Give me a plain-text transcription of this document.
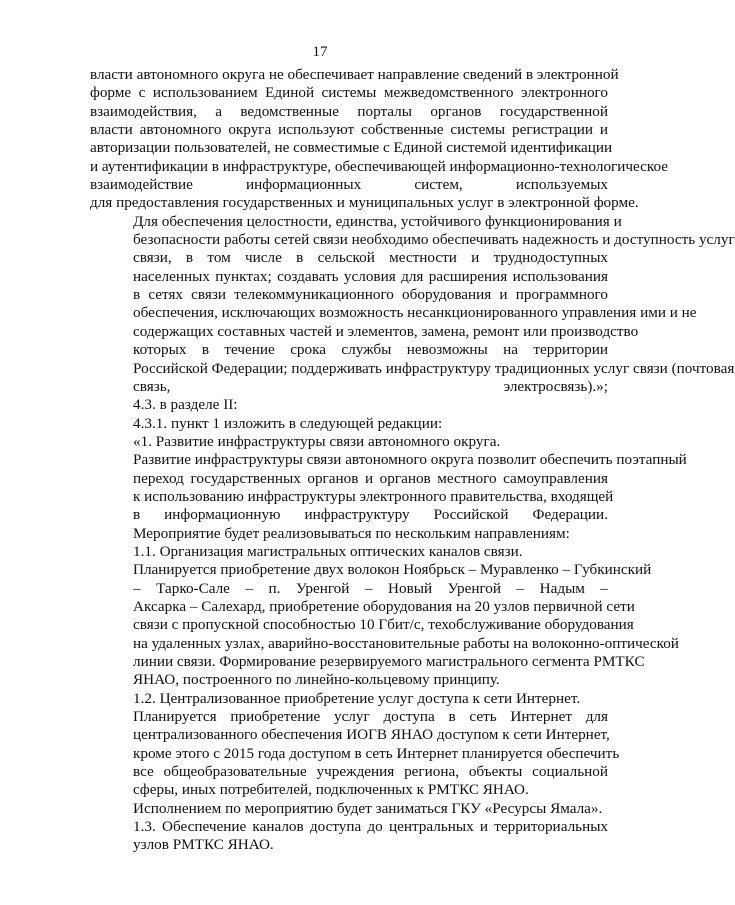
17

власти автономного округа не обеспечивает направление сведений в электронной
форме с использованием Единой системы межведомственного электронного
взаимодействия, а ведомственные порталы органов государственной
власти автономного округа используют собственные системы регистрации и
авторизации пользователей, не совместимые с Единой системой идентификации
и аутентификации в инфраструктуре, обеспечивающей информационно-технологическое
взаимодействие информационных систем, используемых
для предоставления государственных и муниципальных услуг в электронной форме.

Для обеспечения целостности, единства, устойчивого функционирования и
безопасности работы сетей связи необходимо обеспечивать надежность и доступность услуг
связи, в том числе в сельской местности и труднодоступных
населенных пунктах; создавать условия для расширения использования
в сетях связи телекоммуникационного оборудования и программного
обеспечения, исключающих возможность несанкционированного управления ими и не
содержащих составных частей и элементов, замена, ремонт или производство
которых в течение срока службы невозможны на территории
Российской Федерации; поддерживать инфраструктуру традиционных услуг связи (почтовая
связь, электросвязь).»;

4.3. в разделе II:

4.3.1. пункт 1 изложить в следующей редакции:

«1. Развитие инфраструктуры связи автономного округа.

Развитие инфраструктуры связи автономного округа позволит обеспечить поэтапный
переход государственных органов и органов местного самоуправления
к использованию инфраструктуры электронного правительства, входящей
в информационную инфраструктуру Российской Федерации.

Мероприятие будет реализовываться по нескольким направлениям:

1.1. Организация магистральных оптических каналов связи.

Планируется приобретение двух волокон Ноябрьск – Муравленко – Губкинский
– Тарко-Сале – п. Уренгой – Новый Уренгой – Надым –
Аксарка – Салехард, приобретение оборудования на 20 узлов первичной сети
связи с пропускной способностью 10 Гбит/с, техобслуживание оборудования
на удаленных узлах, аварийно-восстановительные работы на волоконно-оптической
линии связи. Формирование резервируемого магистрального сегмента РМТКС
ЯНАО, построенного по линейно-кольцевому принципу.

1.2. Централизованное приобретение услуг доступа к сети Интернет.

Планируется приобретение услуг доступа в сеть Интернет для
централизованного обеспечения ИОГВ ЯНАО доступом к сети Интернет,
кроме этого с 2015 года доступом в сеть Интернет планируется обеспечить
все общеобразовательные учреждения региона, объекты социальной
сферы, иных потребителей, подключенных к РМТКС ЯНАО.

Исполнением по мероприятию будет заниматься ГКУ «Ресурсы Ямала».

1.3. Обеспечение каналов доступа до центральных и территориальных
узлов РМТКС ЯНАО.
